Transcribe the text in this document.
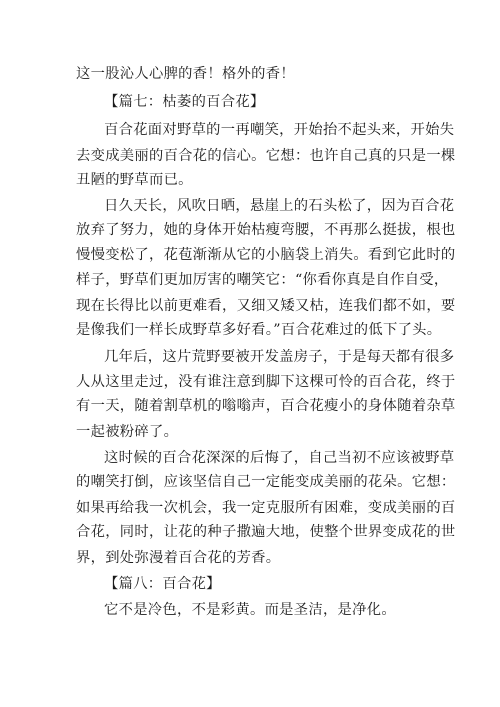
这一股沁人心脾的香！格外的香！
【篇七：枯萎的百合花】
百合花面对野草的一再嘲笑，开始抬不起头来，开始失
去变成美丽的百合花的信心。它想：也许自己真的只是一棵
丑陋的野草而已。
日久天长，风吹日晒，悬崖上的石头松了，因为百合花
放弃了努力，她的身体开始枯瘦弯腰，不再那么挺拔，根也
慢慢变松了，花苞渐渐从它的小脑袋上消失。看到它此时的
样子，野草们更加厉害的嘲笑它：“你看你真是自作自受，
现在长得比以前更难看，又细又矮又枯，连我们都不如，要
是像我们一样长成野草多好看。”百合花难过的低下了头。
几年后，这片荒野要被开发盖房子，于是每天都有很多
人从这里走过，没有谁注意到脚下这棵可怜的百合花，终于
有一天，随着割草机的嗡嗡声，百合花瘦小的身体随着杂草
一起被粉碎了。
这时候的百合花深深的后悔了，自己当初不应该被野草
的嘲笑打倒，应该坚信自己一定能变成美丽的花朵。它想：
如果再给我一次机会，我一定克服所有困难，变成美丽的百
合花，同时，让花的种子撒遍大地，使整个世界变成花的世
界，到处弥漫着百合花的芳香。
【篇八：百合花】
它不是冷色，不是彩黄。而是圣洁，是净化。
